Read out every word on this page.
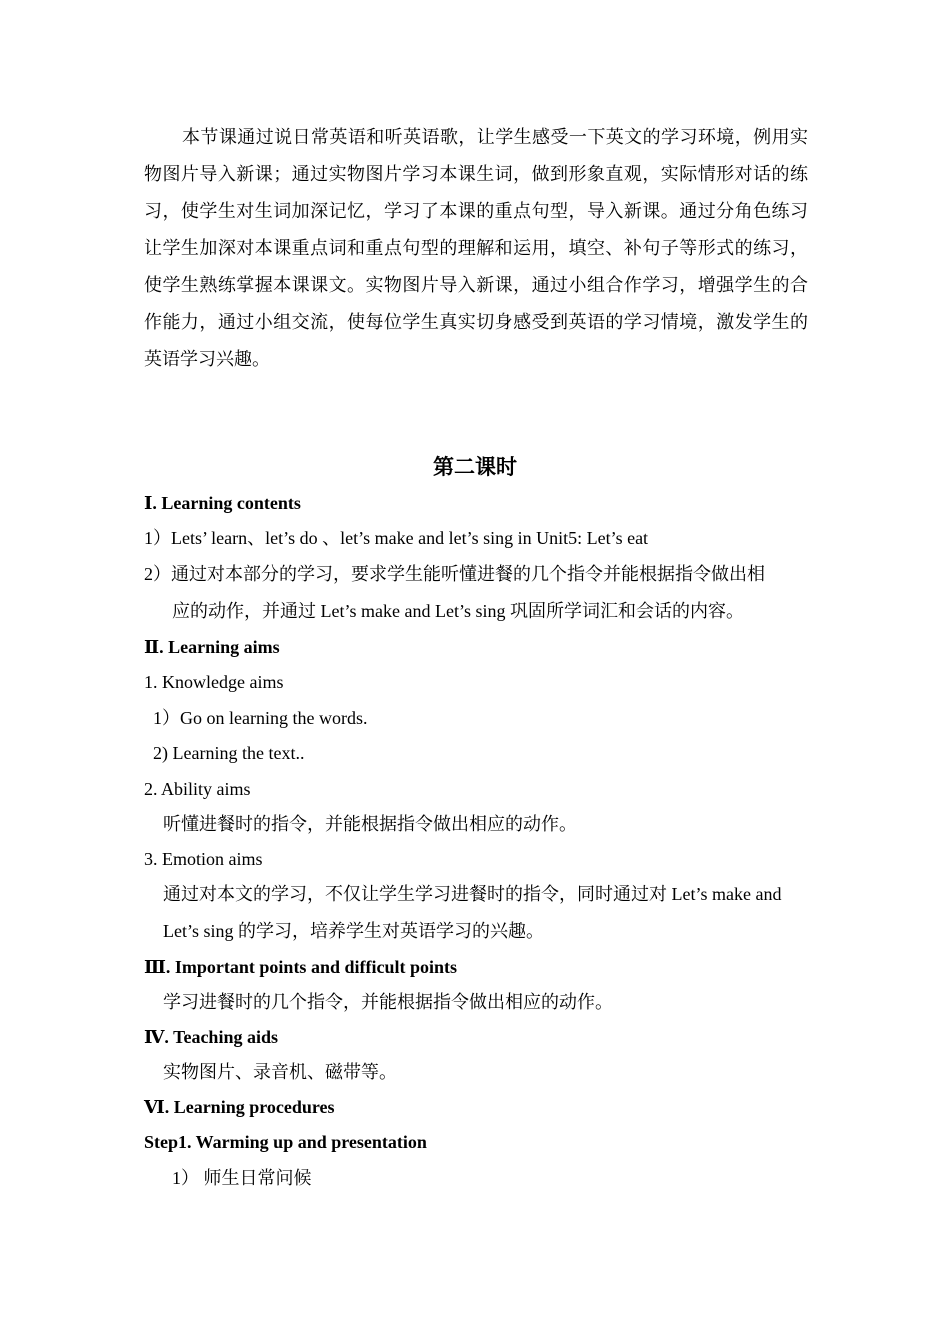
本节课通过说日常英语和听英语歌，让学生感受一下英文的学习环境，例用实物图片导入新课；通过实物图片学习本课生词，做到形象直观，实际情形对话的练习，使学生对生词加深记忆，学习了本课的重点句型，导入新课。通过分角色练习让学生加深对本课重点词和重点句型的理解和运用，填空、补句子等形式的练习，使学生熟练掌握本课课文。实物图片导入新课，通过小组合作学习，增强学生的合作能力，通过小组交流，使每位学生真实切身感受到英语的学习情境，激发学生的英语学习兴趣。

第二课时
Ⅰ. Learning contents
1）Lets’ learn、let’s do 、let’s make and let’s sing in Unit5: Let’s eat
2）通过对本部分的学习，要求学生能听懂进餐的几个指令并能根据指令做出相
应的动作，并通过 Let’s make and Let’s sing 巩固所学词汇和会话的内容。
Ⅱ. Learning aims
1. Knowledge aims
1）Go on learning the words.
2) Learning the text..
2. Ability aims
听懂进餐时的指令，并能根据指令做出相应的动作。
3. Emotion aims
通过对本文的学习，不仅让学生学习进餐时的指令，同时通过对 Let’s make and
Let’s sing 的学习，培养学生对英语学习的兴趣。
Ⅲ. Important points and difficult points
学习进餐时的几个指令，并能根据指令做出相应的动作。
Ⅳ. Teaching aids
实物图片、录音机、磁带等。
Ⅵ. Learning procedures
Step1. Warming up and presentation
1） 师生日常问候
